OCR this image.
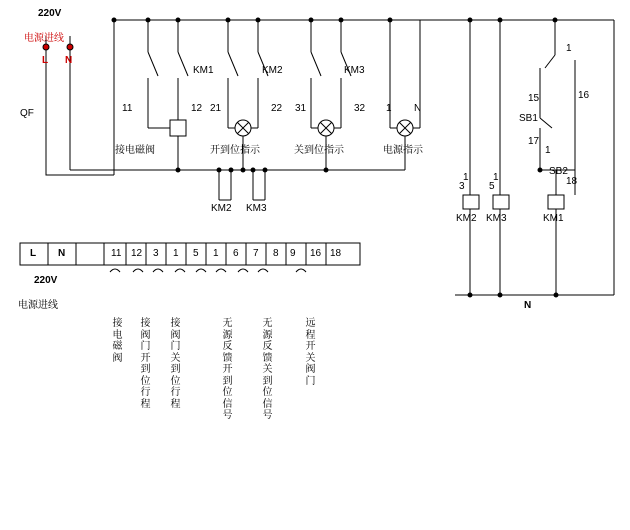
220V
电源进线
L N
QF	11	12
KM1
接电磁阀
21	22
KM2
开到位指示
31	32
KM3
关到位指示
1 N
电源指示
KM2 KM3
1 1
1
3 5	18
KM2 KM3	KM1
1
15	16
SB1
17
SB2
N
L N	11 12 3 1 5 1 6 7 8 9 16 18
220V
电源进线
接电磁阀
接阀门开到位行程
接阀门关到位行程
无源反馈开到位信号
无源反馈关到位信号
远程开关阀门
